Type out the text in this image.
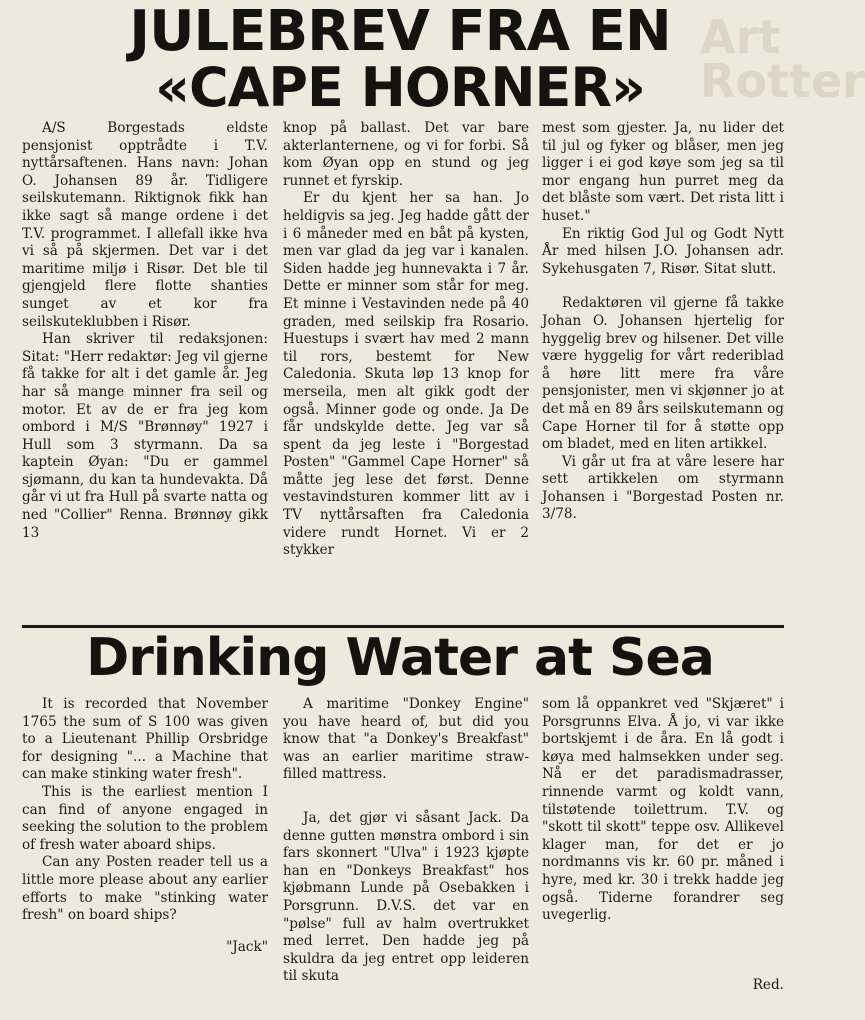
Art
Rotter
JULEBREV FRA EN
«CAPE HORNER»

A/S Borgestads eldste pensjonist opptrådte i T.V. nyttårsaftenen. Hans navn: Johan O. Johansen 89 år. Tidligere seilskutemann. Riktignok fikk han ikke sagt så mange ordene i det T.V. programmet. I allefall ikke hva vi så på skjermen. Det var i det maritime miljø i Risør. Det ble til gjengjeld flere flotte shanties sunget av et kor fra seilskuteklubben i Risør.

Han skriver til redaksjonen: Sitat: "Herr redaktør: Jeg vil gjerne få takke for alt i det gamle år. Jeg har så mange minner fra seil og motor. Et av de er fra jeg kom ombord i M/S "Brønnøy" 1927 i Hull som 3 styrmann. Da sa kaptein Øyan: "Du er gammel sjømann, du kan ta hundevakta. Då går vi ut fra Hull på svarte natta og ned "Collier" Renna. Brønnøy gikk 13

knop på ballast. Det var bare akterlanternene, og vi for forbi. Så kom Øyan opp en stund og jeg runnet et fyrskip.

Er du kjent her sa han. Jo heldigvis sa jeg. Jeg hadde gått der i 6 måneder med en båt på kysten, men var glad da jeg var i kanalen. Siden hadde jeg hunnevakta i 7 år. Dette er minner som står for meg. Et minne i Vestavinden nede på 40 graden, med seilskip fra Rosario. Huestups i svært hav med 2 mann til rors, bestemt for New Caledonia. Skuta løp 13 knop for merseila, men alt gikk godt der også. Minner gode og onde. Ja De får undskylde dette. Jeg var så spent da jeg leste i "Borgestad Posten" "Gammel Cape Horner" så måtte jeg lese det først. Denne vestavindsturen kommer litt av i TV nyttårsaften fra Caledonia videre rundt Hornet. Vi er 2 stykker

mest som gjester. Ja, nu lider det til jul og fyker og blåser, men jeg ligger i ei god køye som jeg sa til mor engang hun purret meg da det blåste som vært. Det rista litt i huset."

En riktig God Jul og Godt Nytt År med hilsen J.O. Johansen adr. Sykehusgaten 7, Risør. Sitat slutt.

Redaktøren vil gjerne få takke Johan O. Johansen hjertelig for hyggelig brev og hilsener. Det ville være hyggelig for vårt rederiblad å høre litt mere fra våre pensjonister, men vi skjønner jo at det må en 89 års seilskutemann og Cape Horner til for å støtte opp om bladet, med en liten artikkel.

Vi går ut fra at våre lesere har sett artikkelen om styrmann Johansen i "Borgestad Posten nr. 3/78.

Drinking Water at Sea

It is recorded that November 1765 the sum of S 100 was given to a Lieutenant Phillip Orsbridge for designing "... a Machine that can make stinking water fresh".

This is the earliest mention I can find of anyone engaged in seeking the solution to the problem of fresh water aboard ships.

Can any Posten reader tell us a little more please about any earlier efforts to make "stinking water fresh" on board ships?

"Jack"

A maritime "Donkey Engine" you have heard of, but did you know that "a Donkey's Breakfast" was an earlier maritime straw-filled mattress.

Ja, det gjør vi såsant Jack. Da denne gutten mønstra ombord i sin fars skonnert "Ulva" i 1923 kjøpte han en "Donkeys Breakfast" hos kjøbmann Lunde på Osebakken i Porsgrunn. D.V.S. det var en "pølse" full av halm overtrukket med lerret. Den hadde jeg på skuldra da jeg entret opp leideren til skuta

som lå oppankret ved "Skjæret" i Porsgrunns Elva. Å jo, vi var ikke bortskjemt i de åra. En lå godt i køya med halmsekken under seg. Nå er det paradismadrasser, rinnende varmt og koldt vann, tilstøtende toilettrum. T.V. og "skott til skott" teppe osv. Allikevel klager man, for det er jo nordmanns vis kr. 60 pr. måned i hyre, med kr. 30 i trekk hadde jeg også. Tiderne forandrer seg uvegerlig.

Red.
